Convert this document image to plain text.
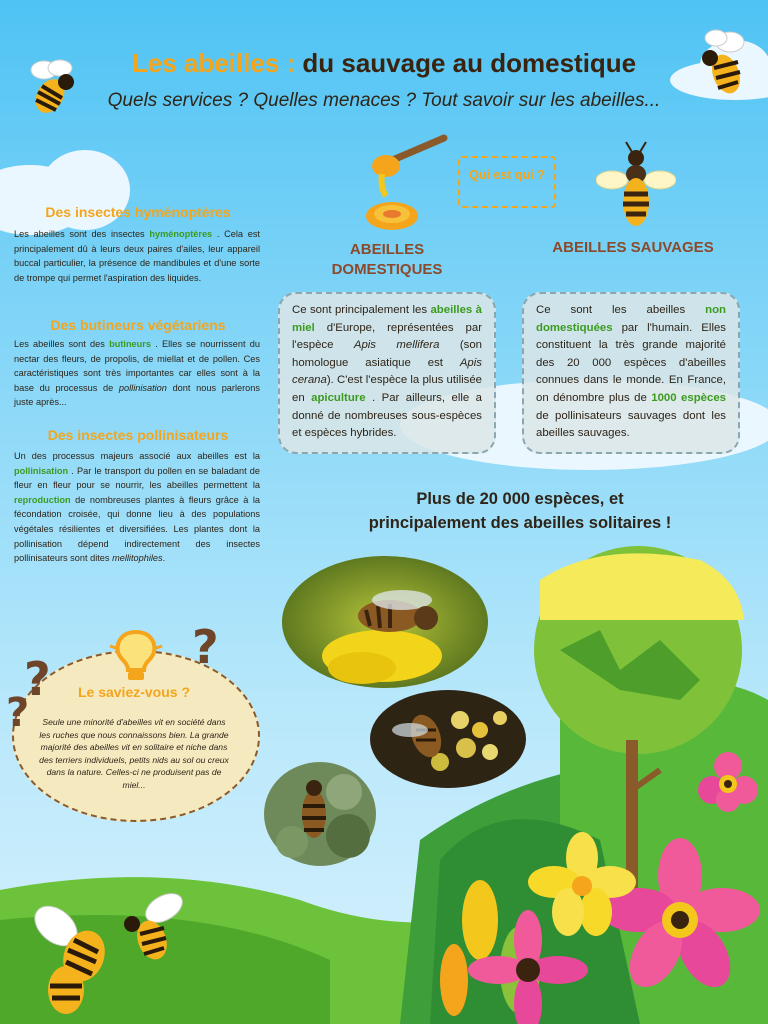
Les abeilles : du sauvage au domestique
Quels services ? Quelles menaces ? Tout savoir sur les abeilles...
Qui est qui ?
ABEILLES DOMESTIQUES
ABEILLES SAUVAGES
Ce sont principalement les abeilles à miel d'Europe, représentées par l'espèce Apis mellifera (son homologue asiatique est Apis cerana). C'est l'espèce la plus utilisée en apiculture . Par ailleurs, elle a donné de nombreuses sous-espèces et espèces hybrides.
Ce sont les abeilles non domestiquées par l'humain. Elles constituent la très grande majorité des 20 000 espèces d'abeilles connues dans le monde. En France, on dénombre plus de 1000 espèces de pollinisateurs sauvages dont les abeilles sauvages.
Des insectes hyménoptères
Les abeilles sont des insectes hyménoptères . Cela est principalement dû à leurs deux paires d'ailes, leur appareil buccal particulier, la présence de mandibules et d'une sorte de trompe qui permet l'aspiration des liquides.
Des butineurs végétariens
Les abeilles sont des butineurs . Elles se nourrissent du nectar des fleurs, de propolis, de miellat et de pollen. Ces caractéristiques sont très importantes car elles sont à la base du processus de pollinisation dont nous parlerons juste après...
Des insectes pollinisateurs
Un des processus majeurs associé aux abeilles est la pollinisation . Par le transport du pollen en se baladant de fleur en fleur pour se nourrir, les abeilles permettent la reproduction de nombreuses plantes à fleurs grâce à la fécondation croisée, qui donne lieu à des populations végétales résilientes et diversifiées. Les plantes dont la pollinisation dépend indirectement des insectes pollinisateurs sont dites mellitophiles.
Plus de 20 000 espèces, et
principalement des abeilles solitaires !
?
?
?	Le saviez-vous ?
Seule une minorité d'abeilles vit en société dans les ruches que nous connaissons bien. La grande majorité des abeilles vit en solitaire et niche dans des terriers individuels, petits nids au sol ou creux dans la nature. Celles-ci ne produisent pas de miel...
